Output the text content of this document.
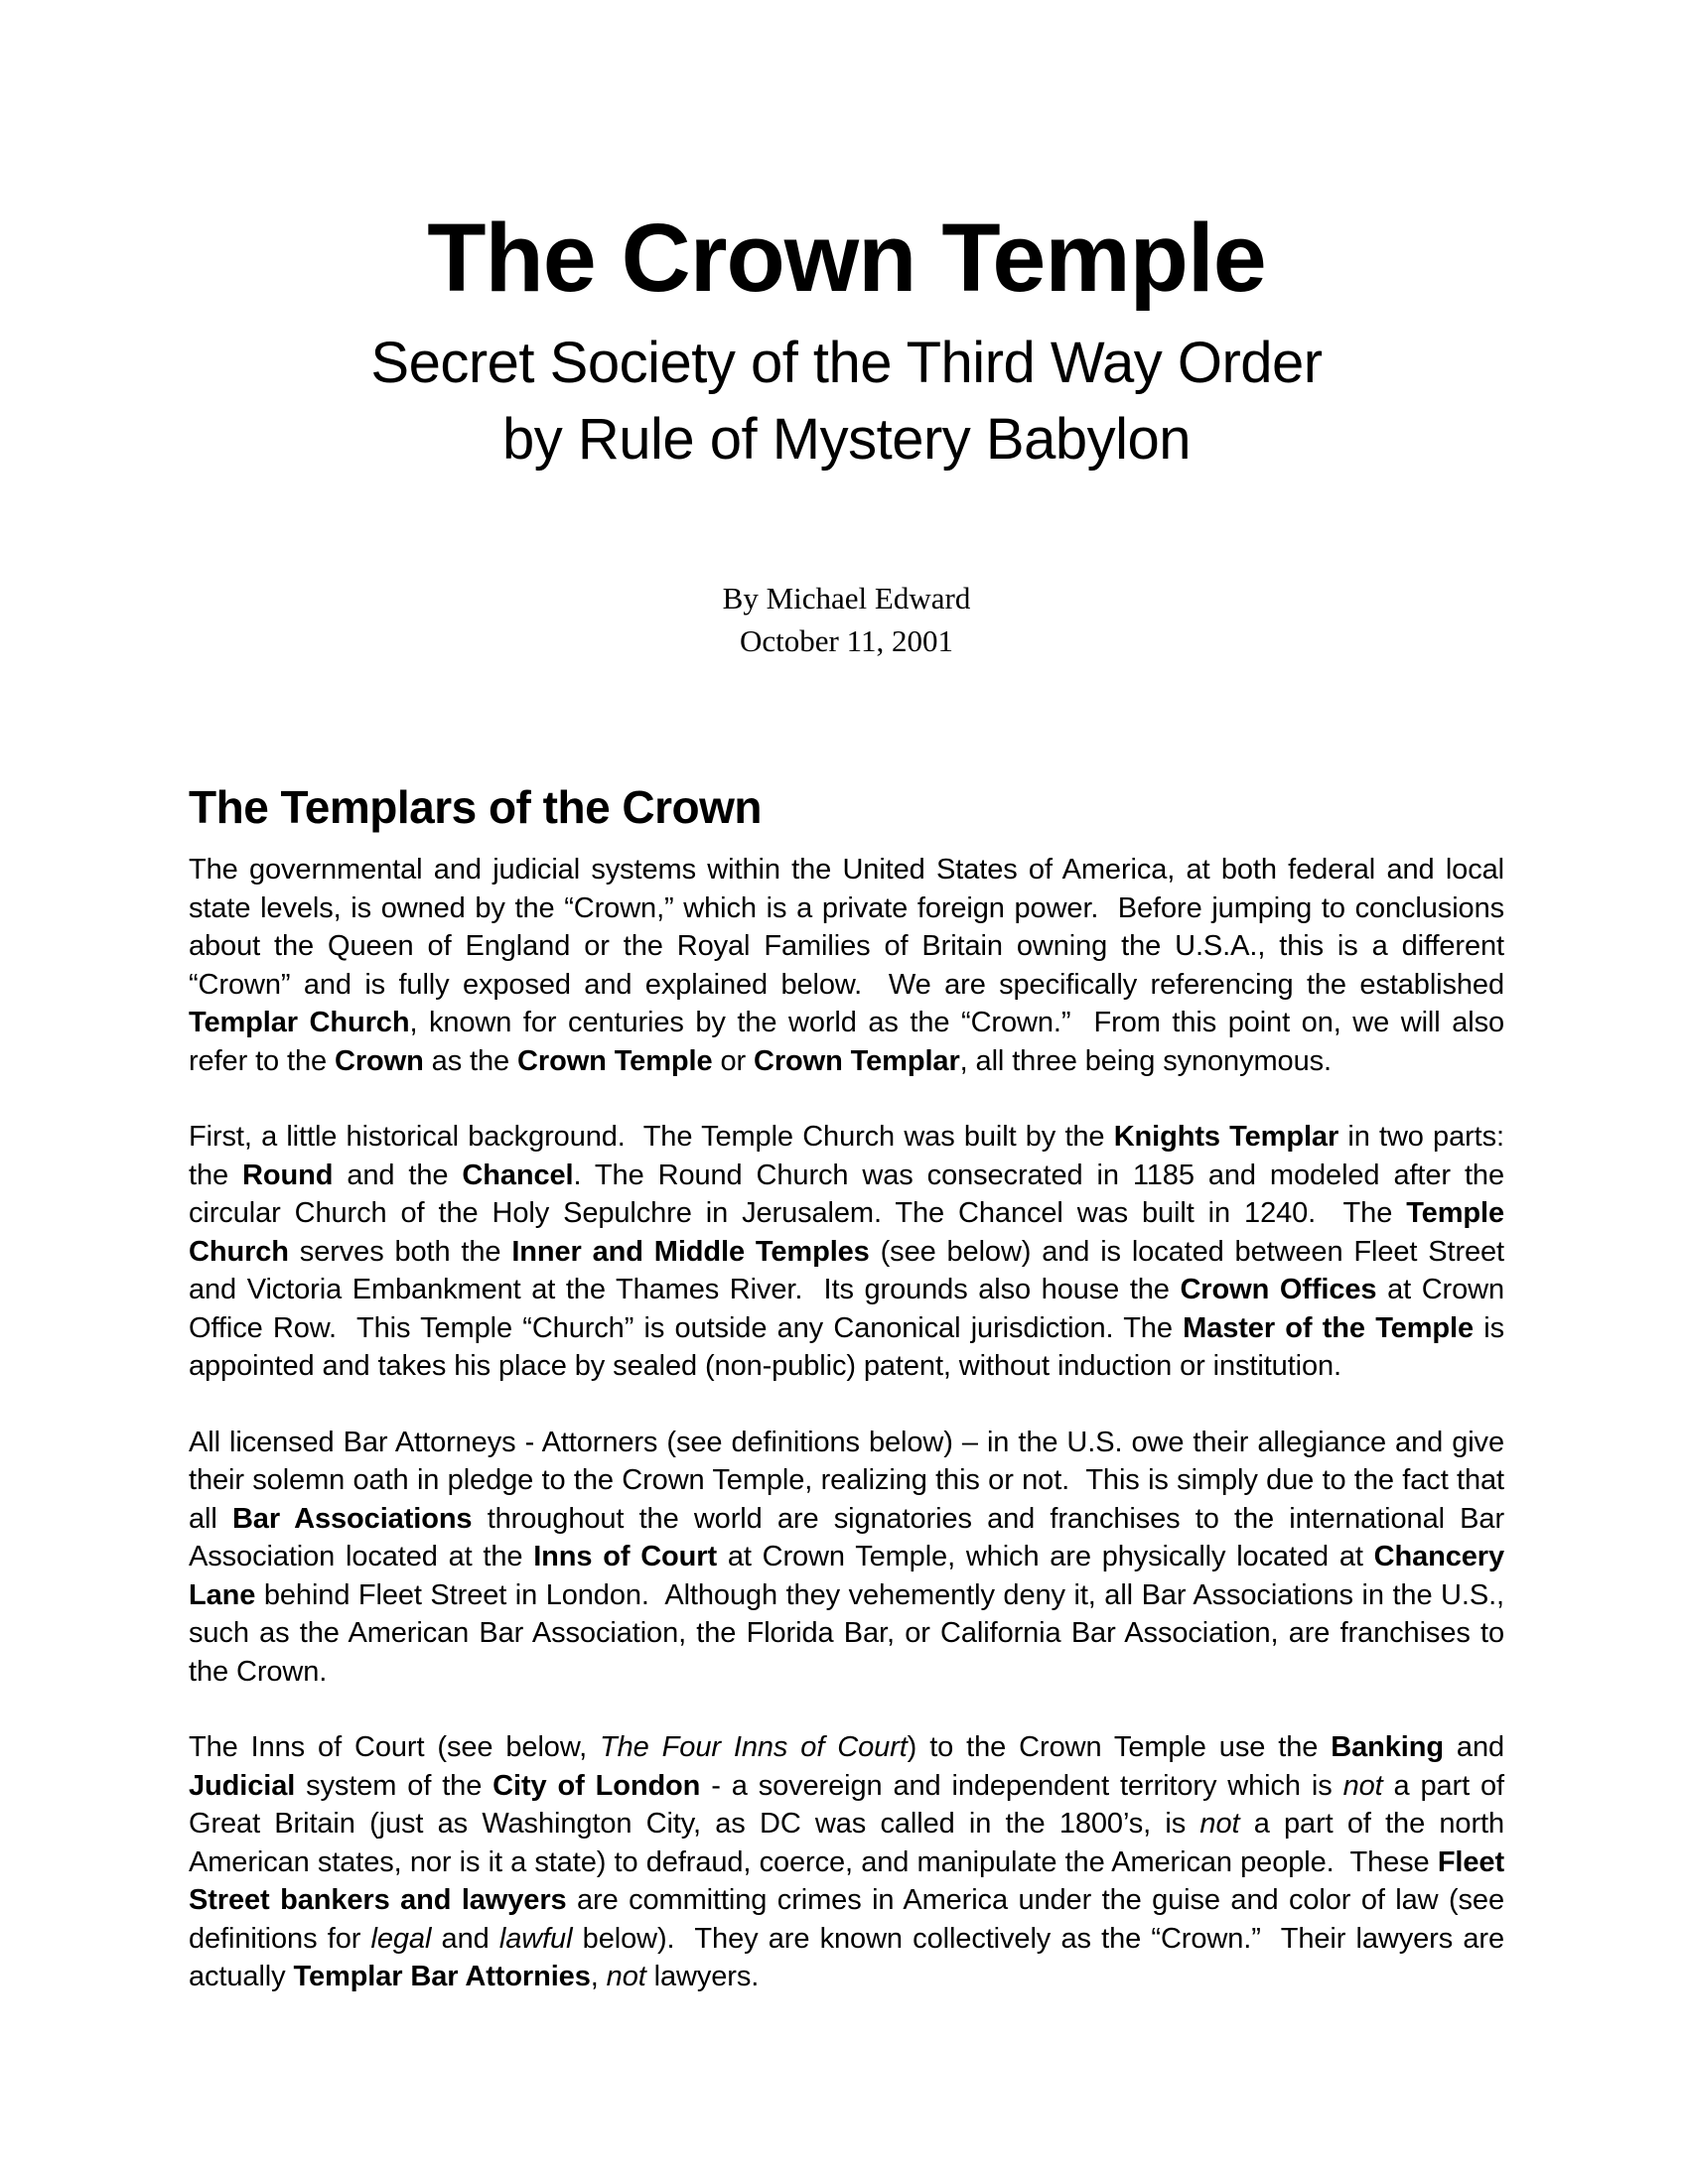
The Crown Temple
Secret Society of the Third Way Order
by Rule of Mystery Babylon
By Michael Edward
October 11, 2001
The Templars of the Crown

The governmental and judicial systems within the United States of America, at both federal and local state levels, is owned by the “Crown,” which is a private foreign power.  Before jumping to conclusions about the Queen of England or the Royal Families of Britain owning the U.S.A., this is a different “Crown” and is fully exposed and explained below.  We are specifically referencing the established Templar Church, known for centuries by the world as the “Crown.”  From this point on, we will also refer to the Crown as the Crown Temple or Crown Templar, all three being synonymous.

First, a little historical background.  The Temple Church was built by the Knights Templar in two parts: the Round and the Chancel. The Round Church was consecrated in 1185 and modeled after the circular Church of the Holy Sepulchre in Jerusalem. The Chancel was built in 1240.  The Temple Church serves both the Inner and Middle Temples (see below) and is located between Fleet Street and Victoria Embankment at the Thames River.  Its grounds also house the Crown Offices at Crown Office Row.  This Temple “Church” is outside any Canonical jurisdiction. The Master of the Temple is appointed and takes his place by sealed (non-public) patent, without induction or institution.

All licensed Bar Attorneys - Attorners (see definitions below) – in the U.S. owe their allegiance and give their solemn oath in pledge to the Crown Temple, realizing this or not.  This is simply due to the fact that all Bar Associations throughout the world are signatories and franchises to the international Bar Association located at the Inns of Court at Crown Temple, which are physically located at Chancery Lane behind Fleet Street in London.  Although they vehemently deny it, all Bar Associations in the U.S., such as the American Bar Association, the Florida Bar, or California Bar Association, are franchises to the Crown.

The Inns of Court (see below, The Four Inns of Court) to the Crown Temple use the Banking and Judicial system of the City of London - a sovereign and independent territory which is not a part of Great Britain (just as Washington City, as DC was called in the 1800’s, is not a part of the north American states, nor is it a state) to defraud, coerce, and manipulate the American people.  These Fleet Street bankers and lawyers are committing crimes in America under the guise and color of law (see definitions for legal and lawful below).  They are known collectively as the “Crown.”  Their lawyers are actually Templar Bar Attornies, not lawyers.
